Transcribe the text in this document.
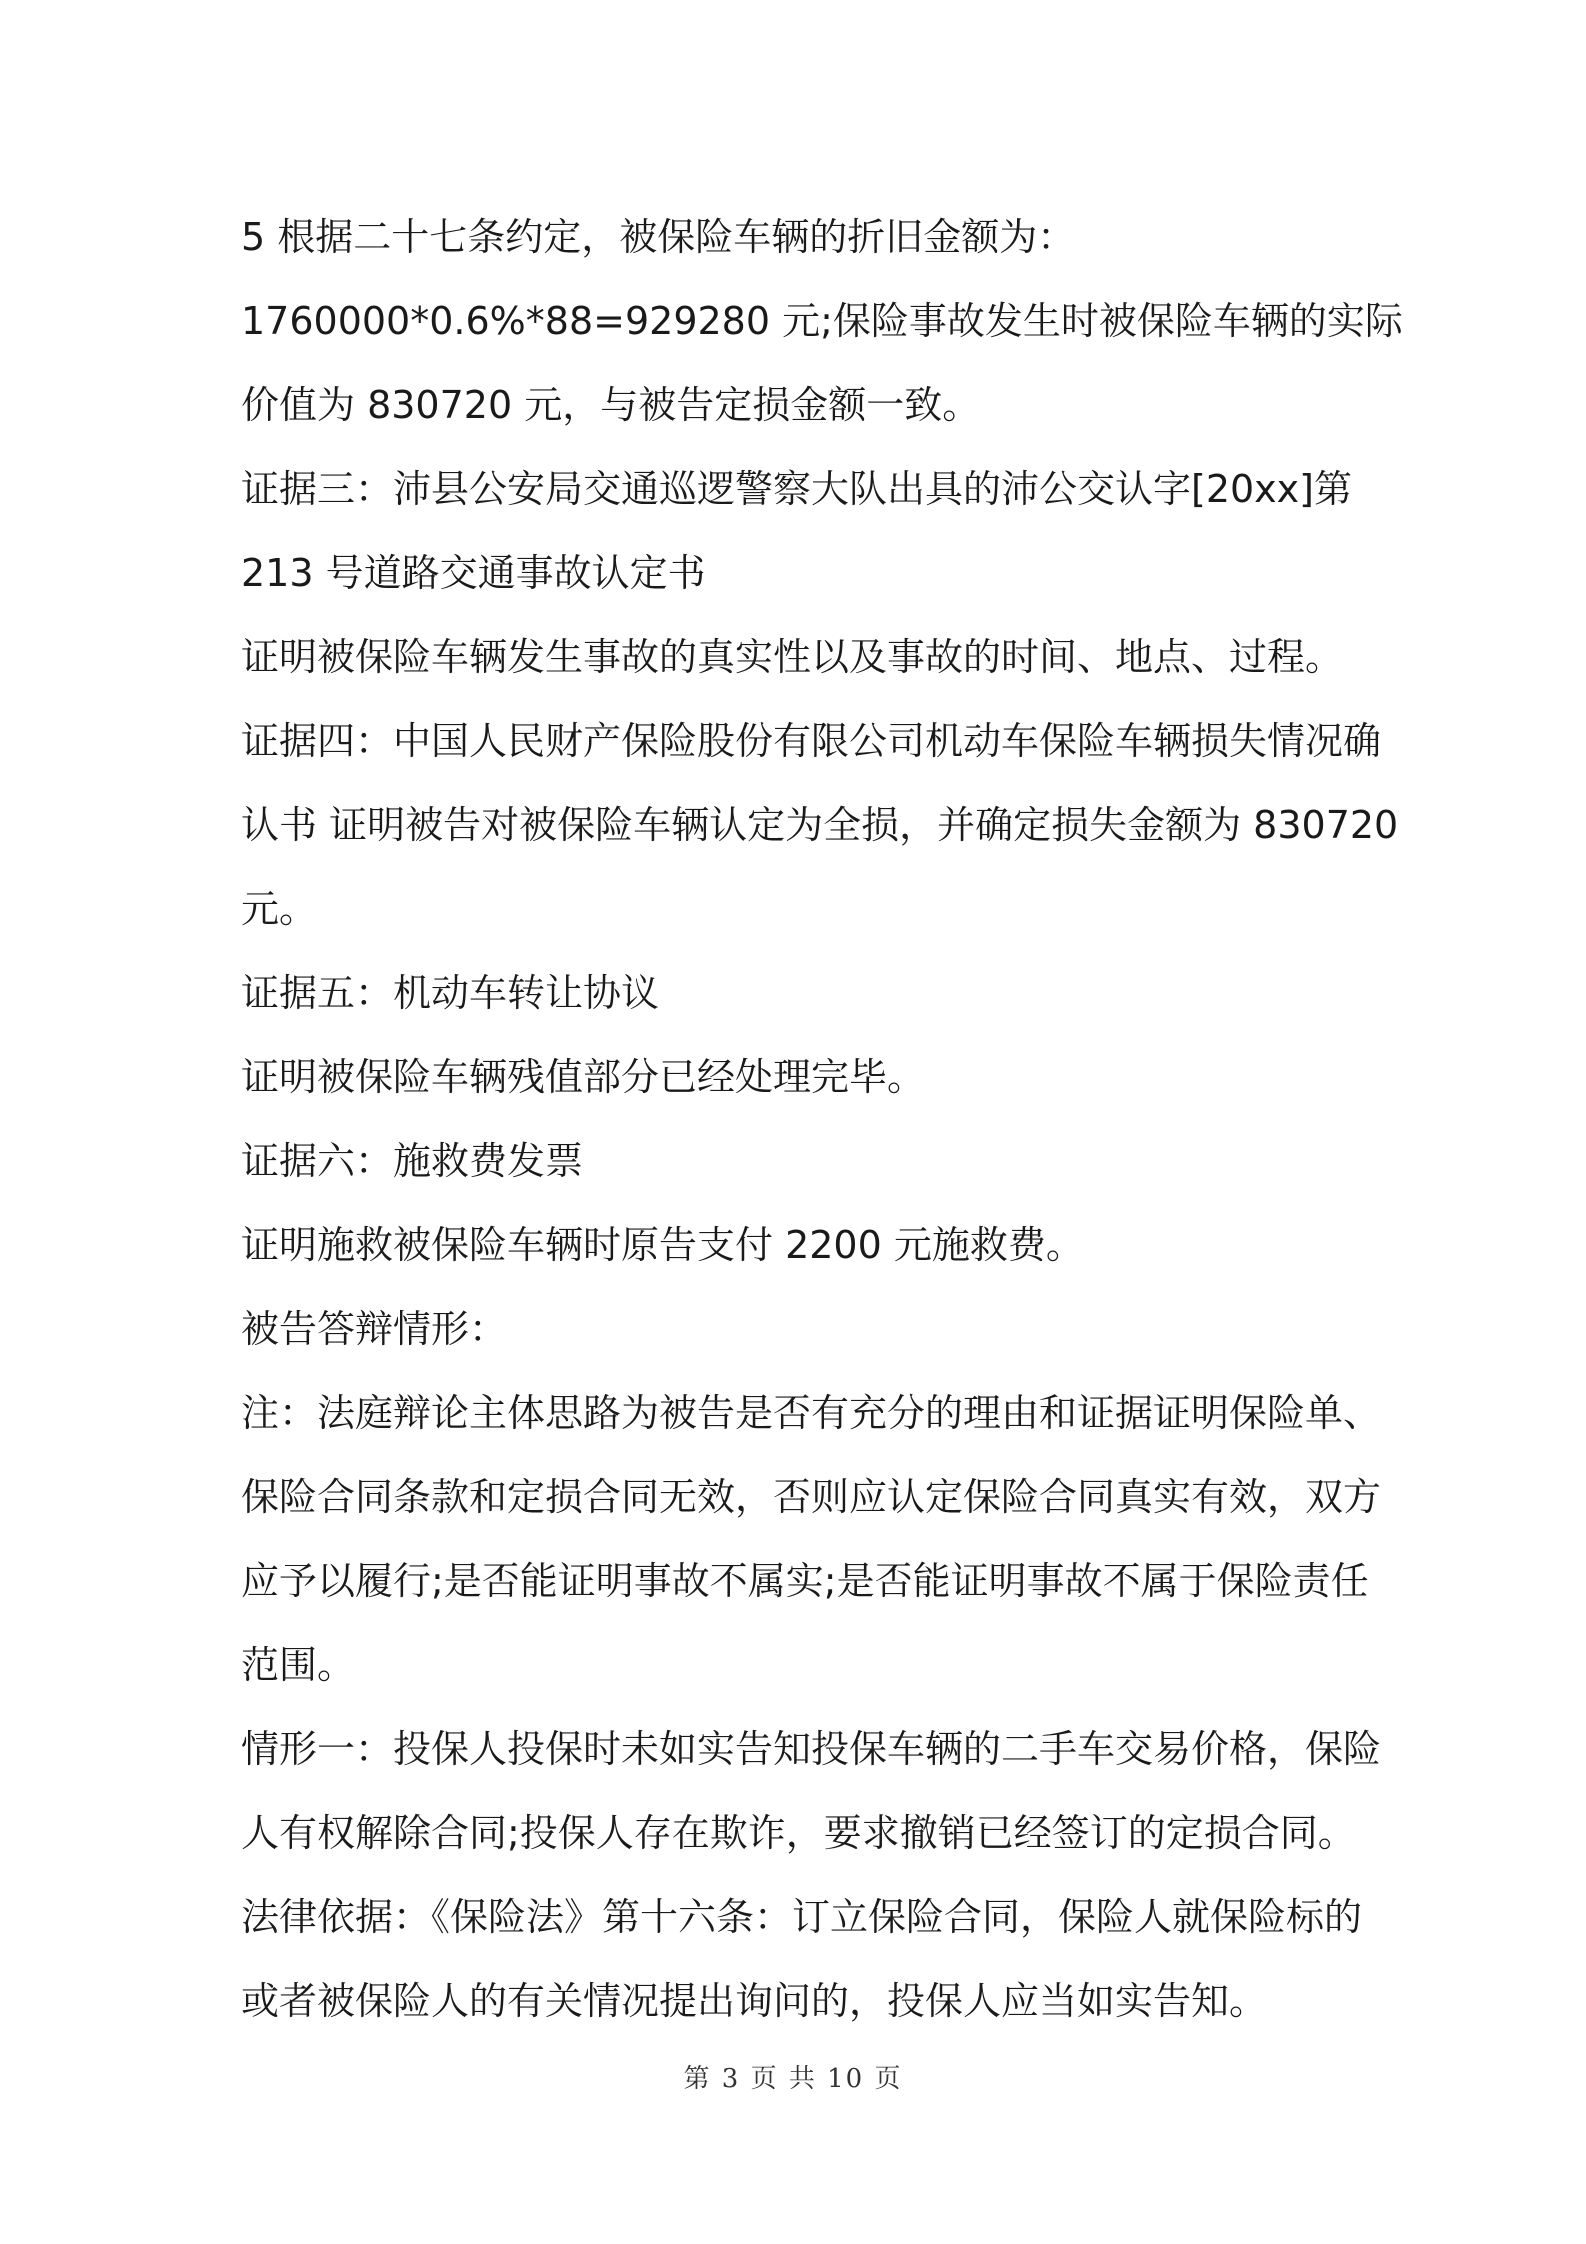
5 根据二十七条约定，被保险车辆的折旧金额为：

1760000*0.6%*88=929280 元;保险事故发生时被保险车辆的实际

价值为 830720 元，与被告定损金额一致。

证据三：沛县公安局交通巡逻警察大队出具的沛公交认字[20xx]第

213 号道路交通事故认定书

证明被保险车辆发生事故的真实性以及事故的时间、地点、过程。

证据四：中国人民财产保险股份有限公司机动车保险车辆损失情况确

认书 证明被告对被保险车辆认定为全损，并确定损失金额为 830720

元。

证据五：机动车转让协议

证明被保险车辆残值部分已经处理完毕。

证据六：施救费发票

证明施救被保险车辆时原告支付 2200 元施救费。

被告答辩情形：

注：法庭辩论主体思路为被告是否有充分的理由和证据证明保险单、

保险合同条款和定损合同无效，否则应认定保险合同真实有效，双方

应予以履行;是否能证明事故不属实;是否能证明事故不属于保险责任

范围。

情形一：投保人投保时未如实告知投保车辆的二手车交易价格，保险

人有权解除合同;投保人存在欺诈，要求撤销已经签订的定损合同。

法律依据：《保险法》第十六条：订立保险合同，保险人就保险标的

或者被保险人的有关情况提出询问的，投保人应当如实告知。

第 3 页 共 10 页
